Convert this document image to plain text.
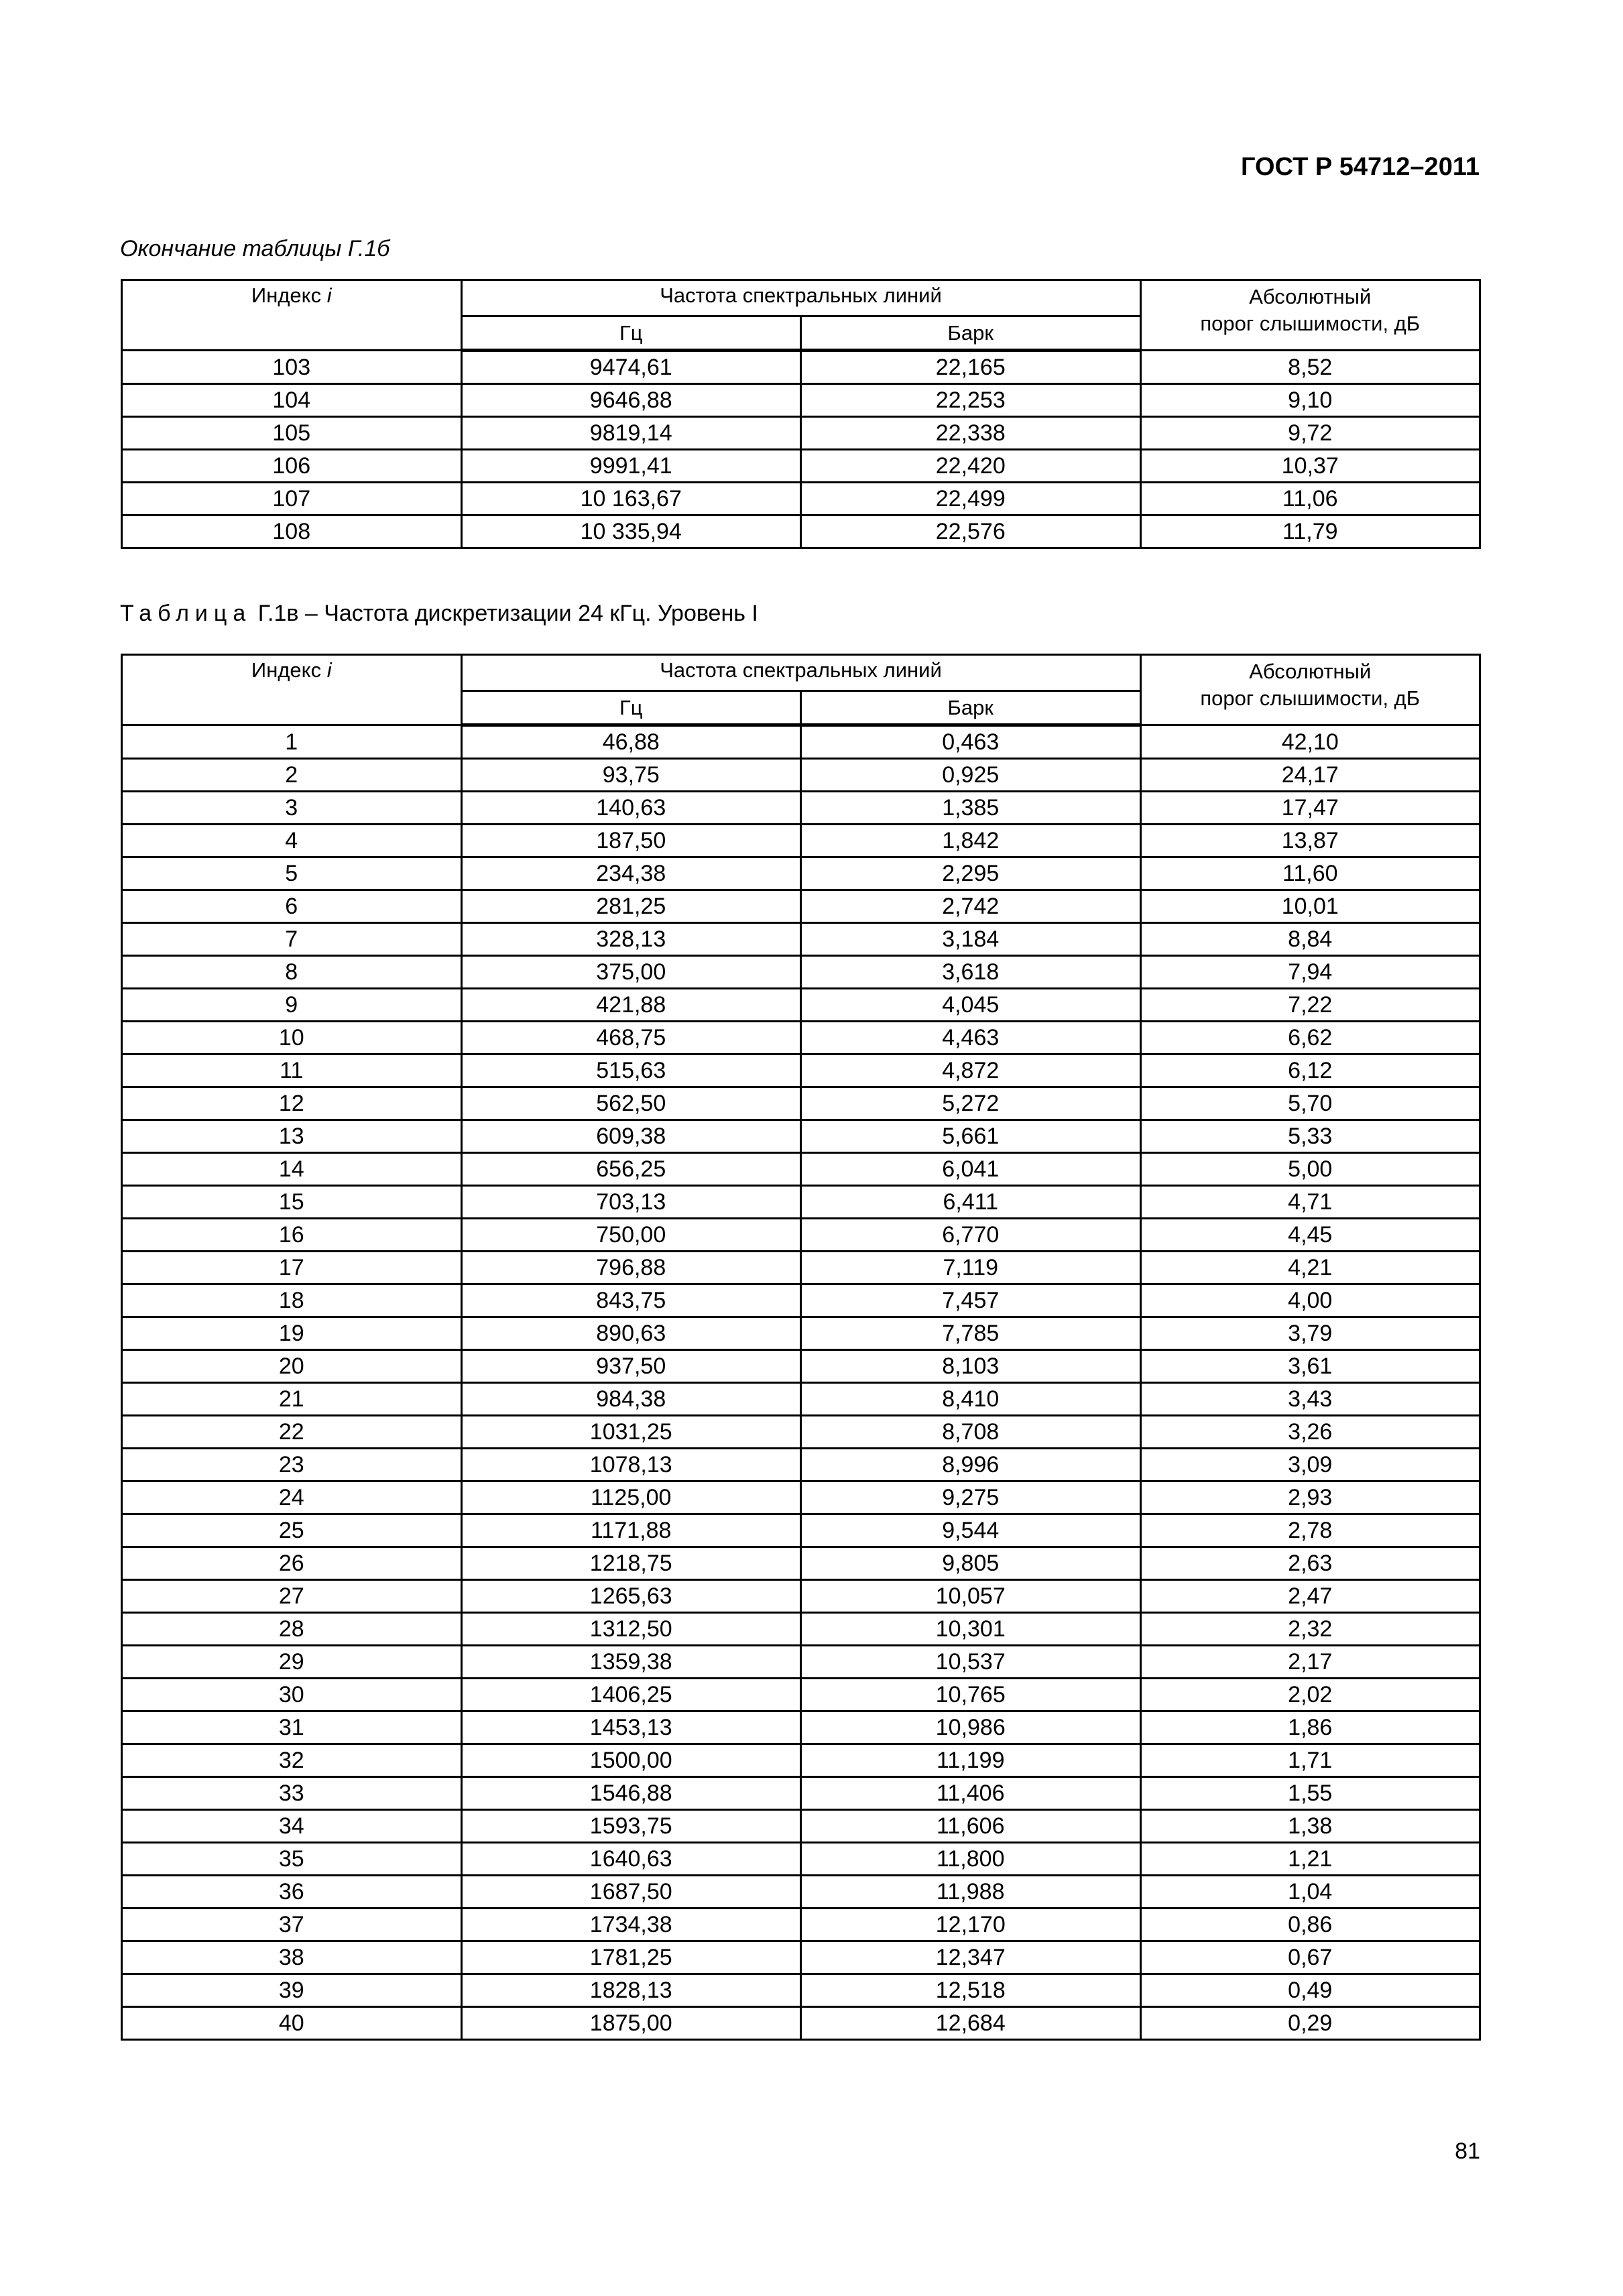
ГОСТ Р 54712–2011
Окончание таблицы Г.1б
Индекс i	Частота спектральных линий		Абсолютный
порог слышимости, дБ
	Гц	Барк	
103	9474,61	22,165	8,52
104	9646,88	22,253	9,10
105	9819,14	22,338	9,72
106	9991,41	22,420	10,37
107	10 163,67	22,499	11,06
108	10 335,94	22,576	11,79
Таблица Г.1в – Частота дискретизации 24 кГц. Уровень I
Индекс i	Частота спектральных линий		Абсолютный
порог слышимости, дБ
	Гц	Барк	
1	46,88	0,463	42,10
2	93,75	0,925	24,17
3	140,63	1,385	17,47
4	187,50	1,842	13,87
5	234,38	2,295	11,60
6	281,25	2,742	10,01
7	328,13	3,184	8,84
8	375,00	3,618	7,94
9	421,88	4,045	7,22
10	468,75	4,463	6,62
11	515,63	4,872	6,12
12	562,50	5,272	5,70
13	609,38	5,661	5,33
14	656,25	6,041	5,00
15	703,13	6,411	4,71
16	750,00	6,770	4,45
17	796,88	7,119	4,21
18	843,75	7,457	4,00
19	890,63	7,785	3,79
20	937,50	8,103	3,61
21	984,38	8,410	3,43
22	1031,25	8,708	3,26
23	1078,13	8,996	3,09
24	1125,00	9,275	2,93
25	1171,88	9,544	2,78
26	1218,75	9,805	2,63
27	1265,63	10,057	2,47
28	1312,50	10,301	2,32
29	1359,38	10,537	2,17
30	1406,25	10,765	2,02
31	1453,13	10,986	1,86
32	1500,00	11,199	1,71
33	1546,88	11,406	1,55
34	1593,75	11,606	1,38
35	1640,63	11,800	1,21
36	1687,50	11,988	1,04
37	1734,38	12,170	0,86
38	1781,25	12,347	0,67
39	1828,13	12,518	0,49
40	1875,00	12,684	0,29
81
